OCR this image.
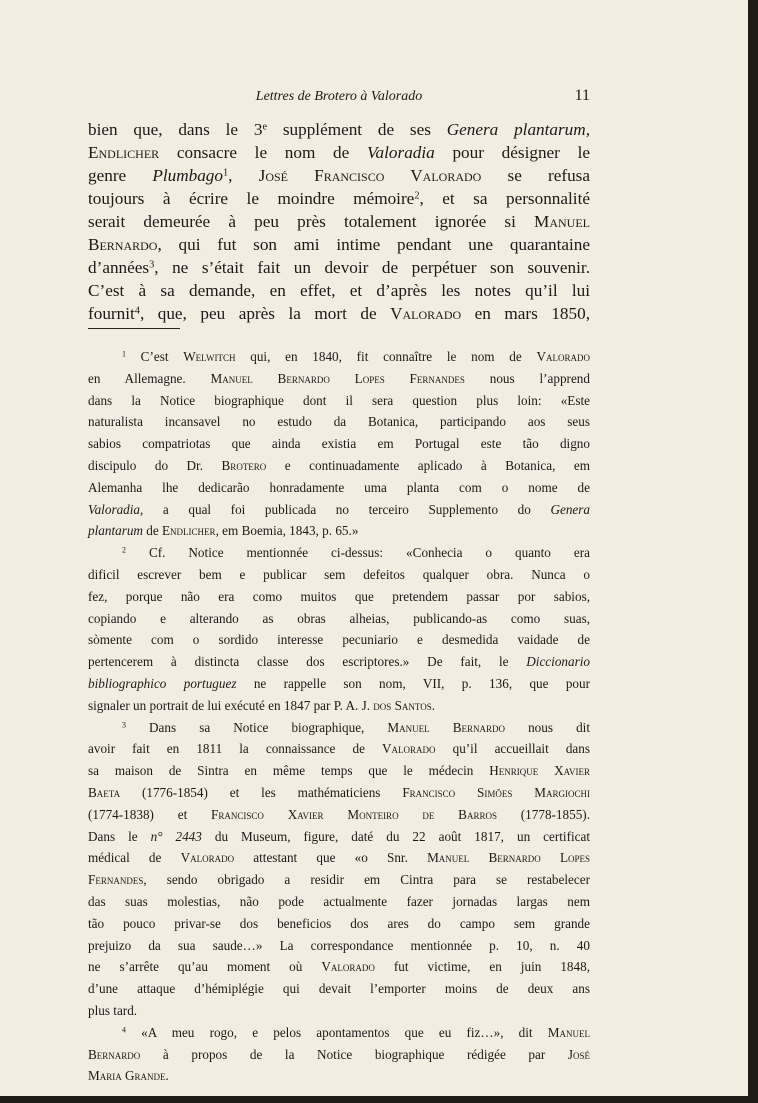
Lettres de Brotero à Valorado	11
bien que, dans le 3e supplément de ses Genera plantarum,
Endlicher consacre le nom de Valoradia pour désigner le
genre Plumbago$^1$, José Francisco Valorado se refusa
toujours à écrire le moindre mémoire$^2$, et sa personnalité
serait demeurée à peu près totalement ignorée si Manuel
Bernardo, qui fut son ami intime pendant une quarantaine
d’années$^3$, ne s’était fait un devoir de perpétuer son souvenir.
C’est à sa demande, en effet, et d’après les notes qu’il lui
fournit$^4$, que, peu après la mort de Valorado en mars 1850,
$^1$ C’est Welwitch qui, en 1840, fit connaître le nom de Valorado
en Allemagne. Manuel Bernardo Lopes Fernandes nous l’apprend
dans la Notice biographique dont il sera question plus loin: «Este
naturalista incansavel no estudo da Botanica, participando aos seus
sabios compatriotas que ainda existia em Portugal este tão digno
discipulo do Dr. Brotero e continuadamente aplicado à Botanica, em
Alemanha lhe dedicarão honradamente uma planta com o nome de
Valoradia, a qual foi publicada no terceiro Supplemento do Genera
plantarum de Endlicher, em Boemia, 1843, p. 65.»
$^2$ Cf. Notice mentionnée ci-dessus: «Conhecia o quanto era
dificil escrever bem e publicar sem defeitos qualquer obra. Nunca o
fez, porque não era como muitos que pretendem passar por sabios,
copiando e alterando as obras alheias, publicando-as como suas,
sòmente com o sordido interesse pecuniario e desmedida vaidade de
pertencerem à distincta classe dos escriptores.» De fait, le Diccionario
bibliographico portuguez ne rappelle son nom, VII, p. 136, que pour
signaler un portrait de lui exécuté en 1847 par P. A. J. dos Santos.
$^3$ Dans sa Notice biographique, Manuel Bernardo nous dit
avoir fait en 1811 la connaissance de Valorado qu’il accueillait dans
sa maison de Sintra en même temps que le médecin Henrique Xavier
Baeta (1776-1854) et les mathématiciens Francisco Simões Margiochi
(1774-1838) et Francisco Xavier Monteiro de Barros (1778-1855).
Dans le n° 2443 du Museum, figure, daté du 22 août 1817, un certificat
médical de Valorado attestant que «o Snr. Manuel Bernardo Lopes
Fernandes, sendo obrigado a residir em Cintra para se restabelecer
das suas molestias, não pode actualmente fazer jornadas largas nem
tão pouco privar-se dos beneficios dos ares do campo sem grande
prejuizo da sua saude…» La correspondance mentionnée p. 10, n. 40
ne s’arrête qu’au moment où Valorado fut victime, en juin 1848,
d’une attaque d’hémiplégie qui devait l’emporter moins de deux ans
plus tard.
$^4$ «A meu rogo, e pelos apontamentos que eu fiz…», dit Manuel
Bernardo à propos de la Notice biographique rédigée par José
Maria Grande.
